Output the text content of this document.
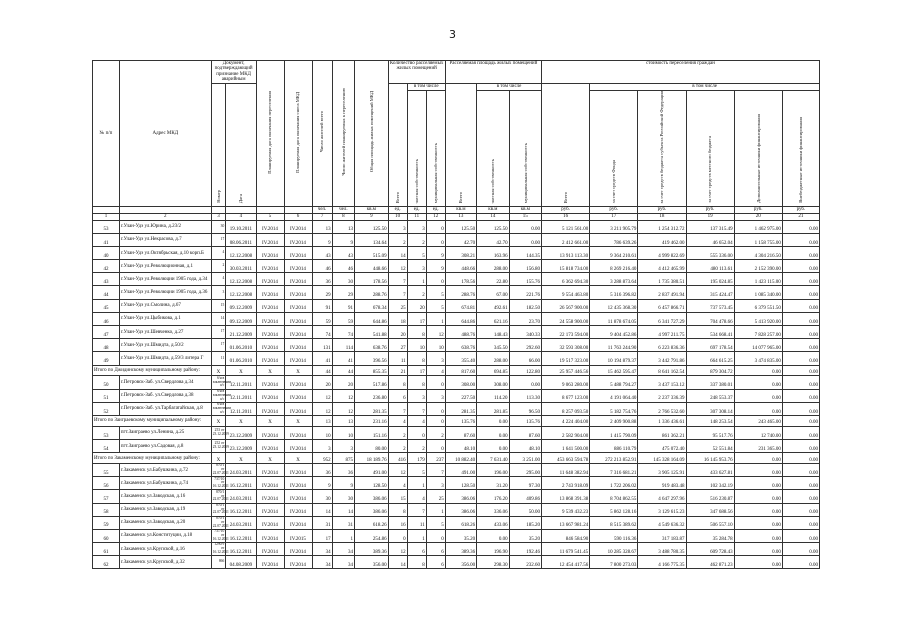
3
№ п/п	Адрес МКД	Документ, подтверждающий признание МКД аварийным		Планируемая дата окончания переселения	Планируемая дата окончания сноса МКД	Число жителей всего	Число жителей планируемых к переселению	Общая площадь жилых помещений МКД	Количество расселяемых жилых помещений			Расселяемая площадь жилых помещений			стоимость переселения граждан					
		Номер	Дата						Всего	в том числе		Всего	в том числе		Всего	в том числе				
										частная собственность	муниципальная собственность		частная собственность	муниципальная собственность		за счет средств Фонда	за счет средств бюджета субъекта Российской Федерации	за счет средств местного бюджета	Дополнительные источники финансирования	Внебюджетные источники финансирования
						чел.	чел.	кв.м	ед.	ед.	ед.	кв.м	кв.м	кв.м	руб.	руб.	руб.	руб.	руб.	руб.
1	2	3	4	5	6	7	8	9	10	11	12	13	14	15	16	17	18	19	20	21
53	г.Улан-Удэ ул.Юрина, д.23/2	30	19.10.2011	IV.2014	IV.2014	13	13	125.50	3	3	0	125.50	125.50	0.00	5 121 561.00	3 211 905.79	1 254 312.72	137 315.49	1 462 975.00	0.00
41	г.Улан-Удэ ул.Некрасова, д.7	17	08.06.2011	IV.2014	IV.2014	9	9	134.64	2	2	0	42.70	42.70	0.00	2 412 661.00	786 639.26	419 462.00	46 652.04	1 158 755.00	0.00
40	г.Улан-Удэ ул.Октябрьская, д.10 корп.Б	4	12.12.2008	IV.2014	IV.2014	43	43	515.09	14	5	9	308.21	163.96	144.35	13 913 113.30	9 364 210.61	4 999 822.69	555 336.00	4 304 216.50	0.00
42	г.Улан-Удэ ул.Революционная, д.1	2	30.03.2011	IV.2014	IV.2014	46	46	448.66	12	3	9	448.66	288.00	156.80	15 818 734.00	8 269 216.40	4 412 465.99	480 113.61	2 152 390.00	0.00
43	г.Улан-Удэ ул.Революции 1905 года, д.34	4	12.12.2008	IV.2014	IV.2014	36	30	178.56	7	1	0	178.56	22.80	155.76	6 362 694.30	3 288 873.64	1 735 380.51	195 024.85	1 423 115.00	0.00
44	г.Улан-Удэ ул.Революции 1905 года, д.36	3	12.12.2008	IV.2014	IV.2014	29	29	288.76	7	2	5	288.76	67.00	221.76	9 554 463.80	5 316 396.82	2 837 491.94	315 424.47	1 085 340.00	0.00
45	г.Улан-Удэ ул.Смолина, д.67	15	09.12.2009	IV.2014	IV.2014	91	91	678.34	25	20	5	674.81	492.61	182.50	26 567 900.00	12 435 368.30	6 457 866.71	737 573.45	6 379 551.50	0.00
46	г.Улан-Удэ ул.Цыбикова, д.1	14	09.12.2009	IV.2014	IV.2014	59	59	644.86	18	17	1	644.86	621.16	23.70	24 558 900.00	11 878 674.05	6 341 727.29	704 478.66	5 413 920.00	0.00
47	г.Улан-Удэ ул.Шевченко, д.27	17	21.12.2009	IV.2014	IV.2014	74	74	541.88	20	8	12	488.76	148.43	340.33	22 173 594.00	9 404 452.86	4 997 211.75	534 668.41	7 828 257.00	0.00
48	г.Улан-Удэ ул.Шмидта, д.50/2	17	01.06.2010	IV.2014	IV.2014	131	114	638.76	27	10	10	638.76	345.50	292.60	32 593 308.00	11 763 244.90	6 223 836.36	697 178.54	14 077 965.00	0.00
49	г.Улан-Удэ ул.Шмидта, д.59/3 литера Г	11	01.06.2010	IV.2014	IV.2014	41	41	396.56	11	8	3	355.40	288.00	66.00	19 517 323.00	10 194 879.37	3 442 791.86	664 615.25	3 474 835.00	0.00
Итого по Джидинскому муниципальному району:		Х	Х	Х	Х	44	44	855.35	21	17	4	817.60	694.85	122.80	25 957 446.56	15 462 595.47	8 641 162.54	879 304.72	0.00	0.00
50	г.Петровск-Заб. ул.Свердлова д.34	б/н в заключении о/с	12.11.2011	IV.2014	IV.2014	20	20	517.86	8	8	0	308.00	308.00	0.00	9 063 280.00	5 488 794.27	3 437 153.12	337 380.01	0.00	0.00
51	г.Петровск-Заб. ул.Свердлова д.38	б/н в заключении о/с	12.11.2011	IV.2014	IV.2014	12	12	236.80	6	3	3	227.50	114.20	113.30	8 677 123.00	4 191 064.40	2 237 336.39	248 553.37	0.00	0.00
52	г.Петровск-Заб. ул.Тарбагатайская, д.8	б/н в заключении о/с	12.11.2011	IV.2014	IV.2014	12	12	281.35	7	7	0	281.35	281.85	96.50	8 257 093.50	5 182 754.76	2 766 532.60	307 308.14	0.00	0.00
Итого по Заиграевскому муниципальному району:		Х	Х	Х	Х	13	13	231.16	4	4	0	135.76	0.00	135.76	4 224 404.00	2 409 900.88	1 336 436.61	148 253.54	243 465.00	0.00
53	пгт.Заиграево ул.Ленина, д.25	253 от 23.12.2009	23.12.2009	IV.2014	IV.2014	10	10	151.16	2	0	2	87.60	0.00	87.60	2 582 904.00	1 415 790.09	861 362.21	95 517.76	12 740.00	0.00
54	пгт.Заиграево ул.Садовая, д.8	252 от 23.12.2009	23.12.2009	IV.2014	IV.2014	3	3	80.00	2	2	0	48.10	0.00	48.10	1 641 500.00	886 110.79	475 072.40	52 551.84	231 365.00	0.00
Итого по Закаменскому муниципальному району:		Х	Х	Х	Х	952	875	18 189.76	416	179	237	10 882.40	7 631.40	3 251.00	453 663 594.78	272 213 852.91	145 328 164.09	16 145 953.76	0.00	0.00
55	г.Закаменск ул.Бабушкина, д.72	870/1 от 22.07.2011	24.03.2011	IV.2014	IV.2014	36	36	491.00	12	5	7	491.00	196.00	295.00	11 648 382.94	7 316 681.21	3 905 125.91	433 627.81	0.00	0.00
56	г.Закаменск ул.Бабушкина, д.74	737/10 от 16.12.2011	16.12.2011	IV.2014	IV.2014	9	9	128.50	4	1	3	128.50	31.20	97.30	2 743 918.09	1 722 206.02	919 483.48	102 342.19	0.00	0.00
57	г.Закаменск ул.Заводская, д.16	870/1 от 22.07.2011	24.03.2011	IV.2014	IV.2014	30	30	386.06	15	4	25	386.06	176.20	409.86	13 868 391.38	8 704 862.55	4 647 297.96	516 230.87	0.00	0.00
58	г.Закаменск ул.Заводская, д.19	870/1 от 22.07.2011	16.12.2011	IV.2014	IV.2014	14	14	386.06	8	7	1	386.06	336.06	50.00	9 539 432.23	5 862 128.16	3 129 615.23	347 688.56	0.00	0.00
59	г.Закаменск ул.Заводская, д.20	870/1 от 22.07.2011	24.03.2011	IV.2014	IV.2014	31	31	618.26	16	11	5	618.26	433.06	185.20	13 667 981.24	8 515 389.62	4 549 636.32	506 557.10	0.00	0.00
60	г.Закаменск ул.Конституции, д.18	737/10 от 16.12.2011	16.12.2011	IV.2014	IV.2015	17	1	254.86	0	1	0	35.20	0.00	35.20	846 584.90	590 116.36	317 183.87	35 284.78	0.00	0.00
61	г.Закаменск ул.Крупской, д.16	1290/9 от 16.12.2011	16.12.2011	IV.2014	IV.2014	34	34	389.36	12	6	6	389.36	196.90	192.46	11 679 541.45	10 285 328.67	3 488 780.35	609 728.43	0.00	0.00
62	г.Закаменск ул.Крупской, д.32	866	04.08.2009	IV.2014	IV.2014	34	34	356.00	14	8	6	356.00	298.30	232.60	12 454 417.56	7 800 273.03	4 166 775.35	462 871.23	0.00	0.00
